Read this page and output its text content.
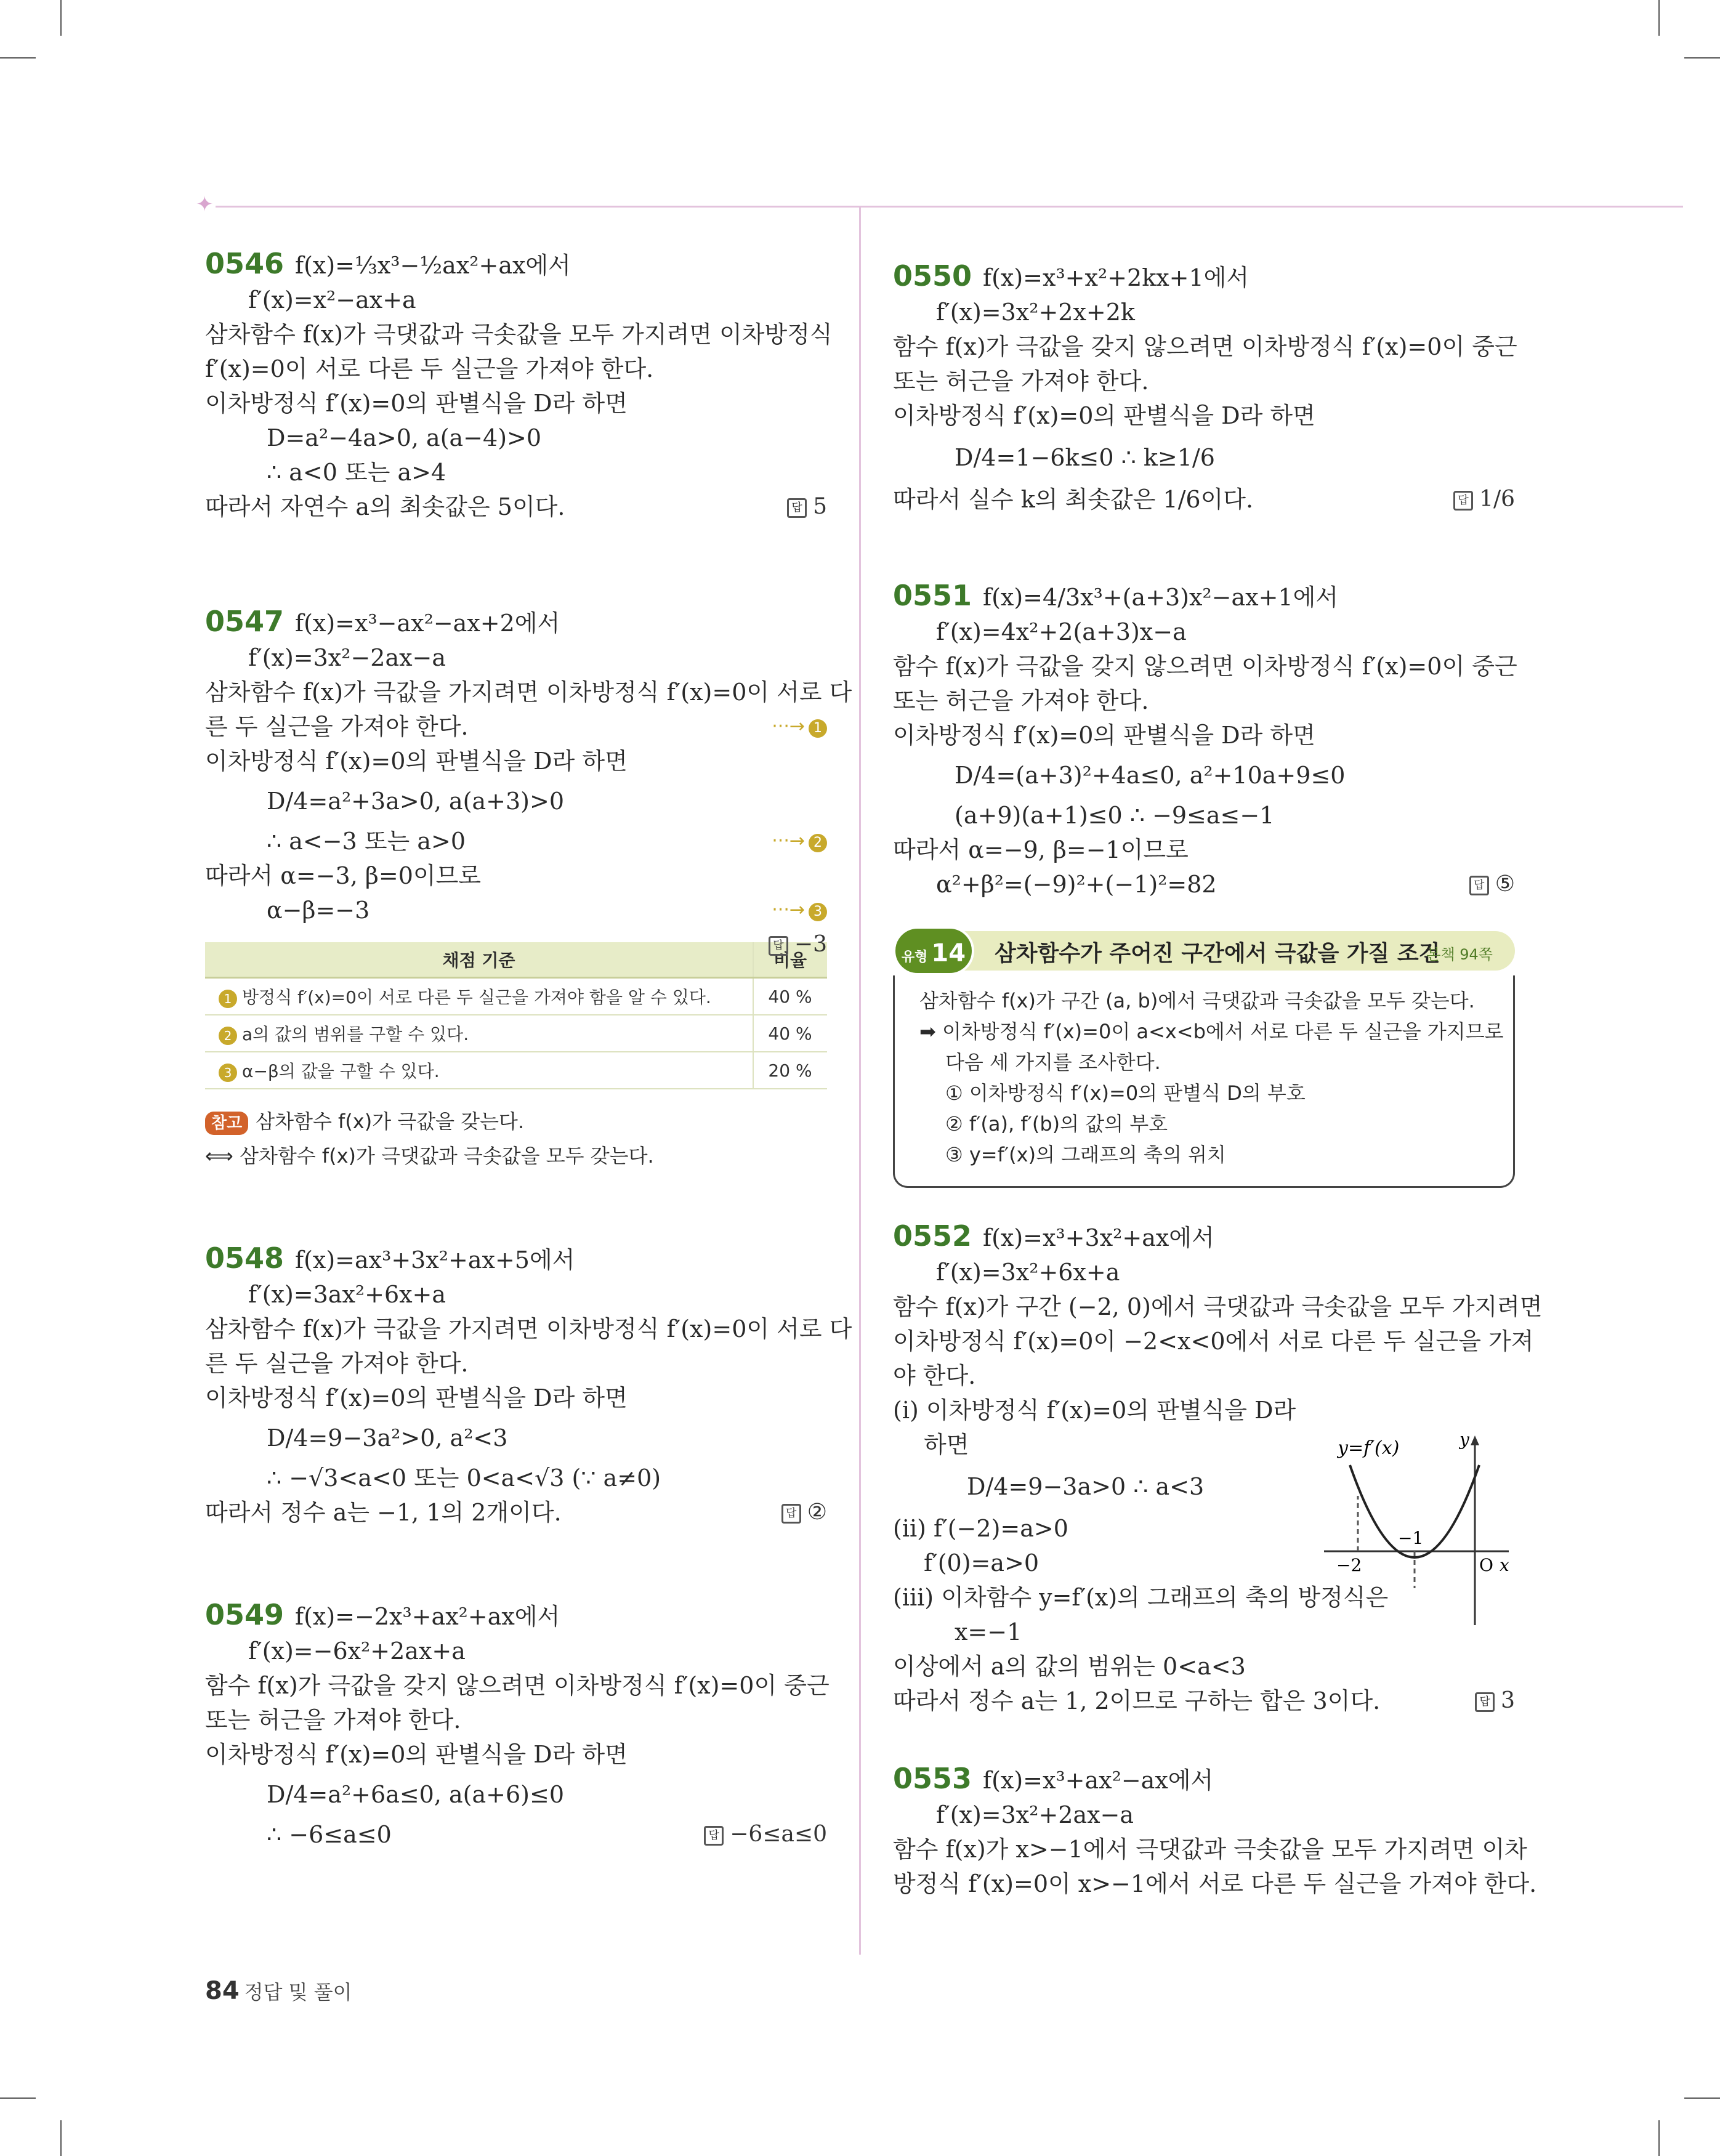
✦
0546 f(x)=⅓x³−½ax²+ax에서
f′(x)=x²−ax+a
삼차함수 f(x)가 극댓값과 극솟값을 모두 가지려면 이차방정식
f′(x)=0이 서로 다른 두 실근을 가져야 한다.
이차방정식 f′(x)=0의 판별식을 D라 하면
D=a²−4a>0, a(a−4)>0
∴ a<0 또는 a>4
따라서 자연수 a의 최솟값은 5이다.	답 5
0547 f(x)=x³−ax²−ax+2에서
f′(x)=3x²−2ax−a
삼차함수 f(x)가 극값을 가지려면 이차방정식 f′(x)=0이 서로 다
른 두 실근을 가져야 한다.	···→ 1
이차방정식 f′(x)=0의 판별식을 D라 하면
D/4=a²+3a>0, a(a+3)>0
∴ a<−3 또는 a>0	···→ 2
따라서 α=−3, β=0이므로
α−β=−3	···→ 3
답 −3
채점 기준	비율
1 방정식 f′(x)=0이 서로 다른 두 실근을 가져야 함을 알 수 있다.	40 %
2 a의 값의 범위를 구할 수 있다.	40 %
3 α−β의 값을 구할 수 있다.	20 %
참고 삼차함수 f(x)가 극값을 갖는다.
⟺ 삼차함수 f(x)가 극댓값과 극솟값을 모두 갖는다.
0548 f(x)=ax³+3x²+ax+5에서
f′(x)=3ax²+6x+a
삼차함수 f(x)가 극값을 가지려면 이차방정식 f′(x)=0이 서로 다
른 두 실근을 가져야 한다.
이차방정식 f′(x)=0의 판별식을 D라 하면
D/4=9−3a²>0, a²<3
∴ −√3<a<0 또는 0<a<√3 (∵ a≠0)
따라서 정수 a는 −1, 1의 2개이다.	답 ②
0549 f(x)=−2x³+ax²+ax에서
f′(x)=−6x²+2ax+a
함수 f(x)가 극값을 갖지 않으려면 이차방정식 f′(x)=0이 중근
또는 허근을 가져야 한다.
이차방정식 f′(x)=0의 판별식을 D라 하면
D/4=a²+6a≤0, a(a+6)≤0
∴ −6≤a≤0	답 −6≤a≤0
0550 f(x)=x³+x²+2kx+1에서
f′(x)=3x²+2x+2k
함수 f(x)가 극값을 갖지 않으려면 이차방정식 f′(x)=0이 중근
또는 허근을 가져야 한다.
이차방정식 f′(x)=0의 판별식을 D라 하면
D/4=1−6k≤0 ∴ k≥1/6
따라서 실수 k의 최솟값은 1/6이다.	답 1/6
0551 f(x)=4/3x³+(a+3)x²−ax+1에서
f′(x)=4x²+2(a+3)x−a
함수 f(x)가 극값을 갖지 않으려면 이차방정식 f′(x)=0이 중근
또는 허근을 가져야 한다.
이차방정식 f′(x)=0의 판별식을 D라 하면
D/4=(a+3)²+4a≤0, a²+10a+9≤0
(a+9)(a+1)≤0 ∴ −9≤a≤−1
따라서 α=−9, β=−1이므로
α²+β²=(−9)²+(−1)²=82	답 ⑤
유형 14	삼차함수가 주어진 구간에서 극값을 가질 조건
본책 94쪽
삼차함수 f(x)가 구간 (a, b)에서 극댓값과 극솟값을 모두 갖는다.
➡ 이차방정식 f′(x)=0이 a<x<b에서 서로 다른 두 실근을 가지므로
다음 세 가지를 조사한다.
① 이차방정식 f′(x)=0의 판별식 D의 부호
② f′(a), f′(b)의 값의 부호
③ y=f′(x)의 그래프의 축의 위치
0552 f(x)=x³+3x²+ax에서
f′(x)=3x²+6x+a
함수 f(x)가 구간 (−2, 0)에서 극댓값과 극솟값을 모두 가지려면
이차방정식 f′(x)=0이 −2<x<0에서 서로 다른 두 실근을 가져
야 한다.
(i) 이차방정식 f′(x)=0의 판별식을 D라
하면
D/4=9−3a>0 ∴ a<3
(ii) f′(−2)=a>0
f′(0)=a>0
(iii) 이차함수 y=f′(x)의 그래프의 축의 방정식은
x=−1
이상에서 a의 값의 범위는 0<a<3
따라서 정수 a는 1, 2이므로 구하는 합은 3이다.	답 3
y=f′(x)	y
x
O
−2
−1
0553 f(x)=x³+ax²−ax에서
f′(x)=3x²+2ax−a
함수 f(x)가 x>−1에서 극댓값과 극솟값을 모두 가지려면 이차
방정식 f′(x)=0이 x>−1에서 서로 다른 두 실근을 가져야 한다.
84 정답 및 풀이
